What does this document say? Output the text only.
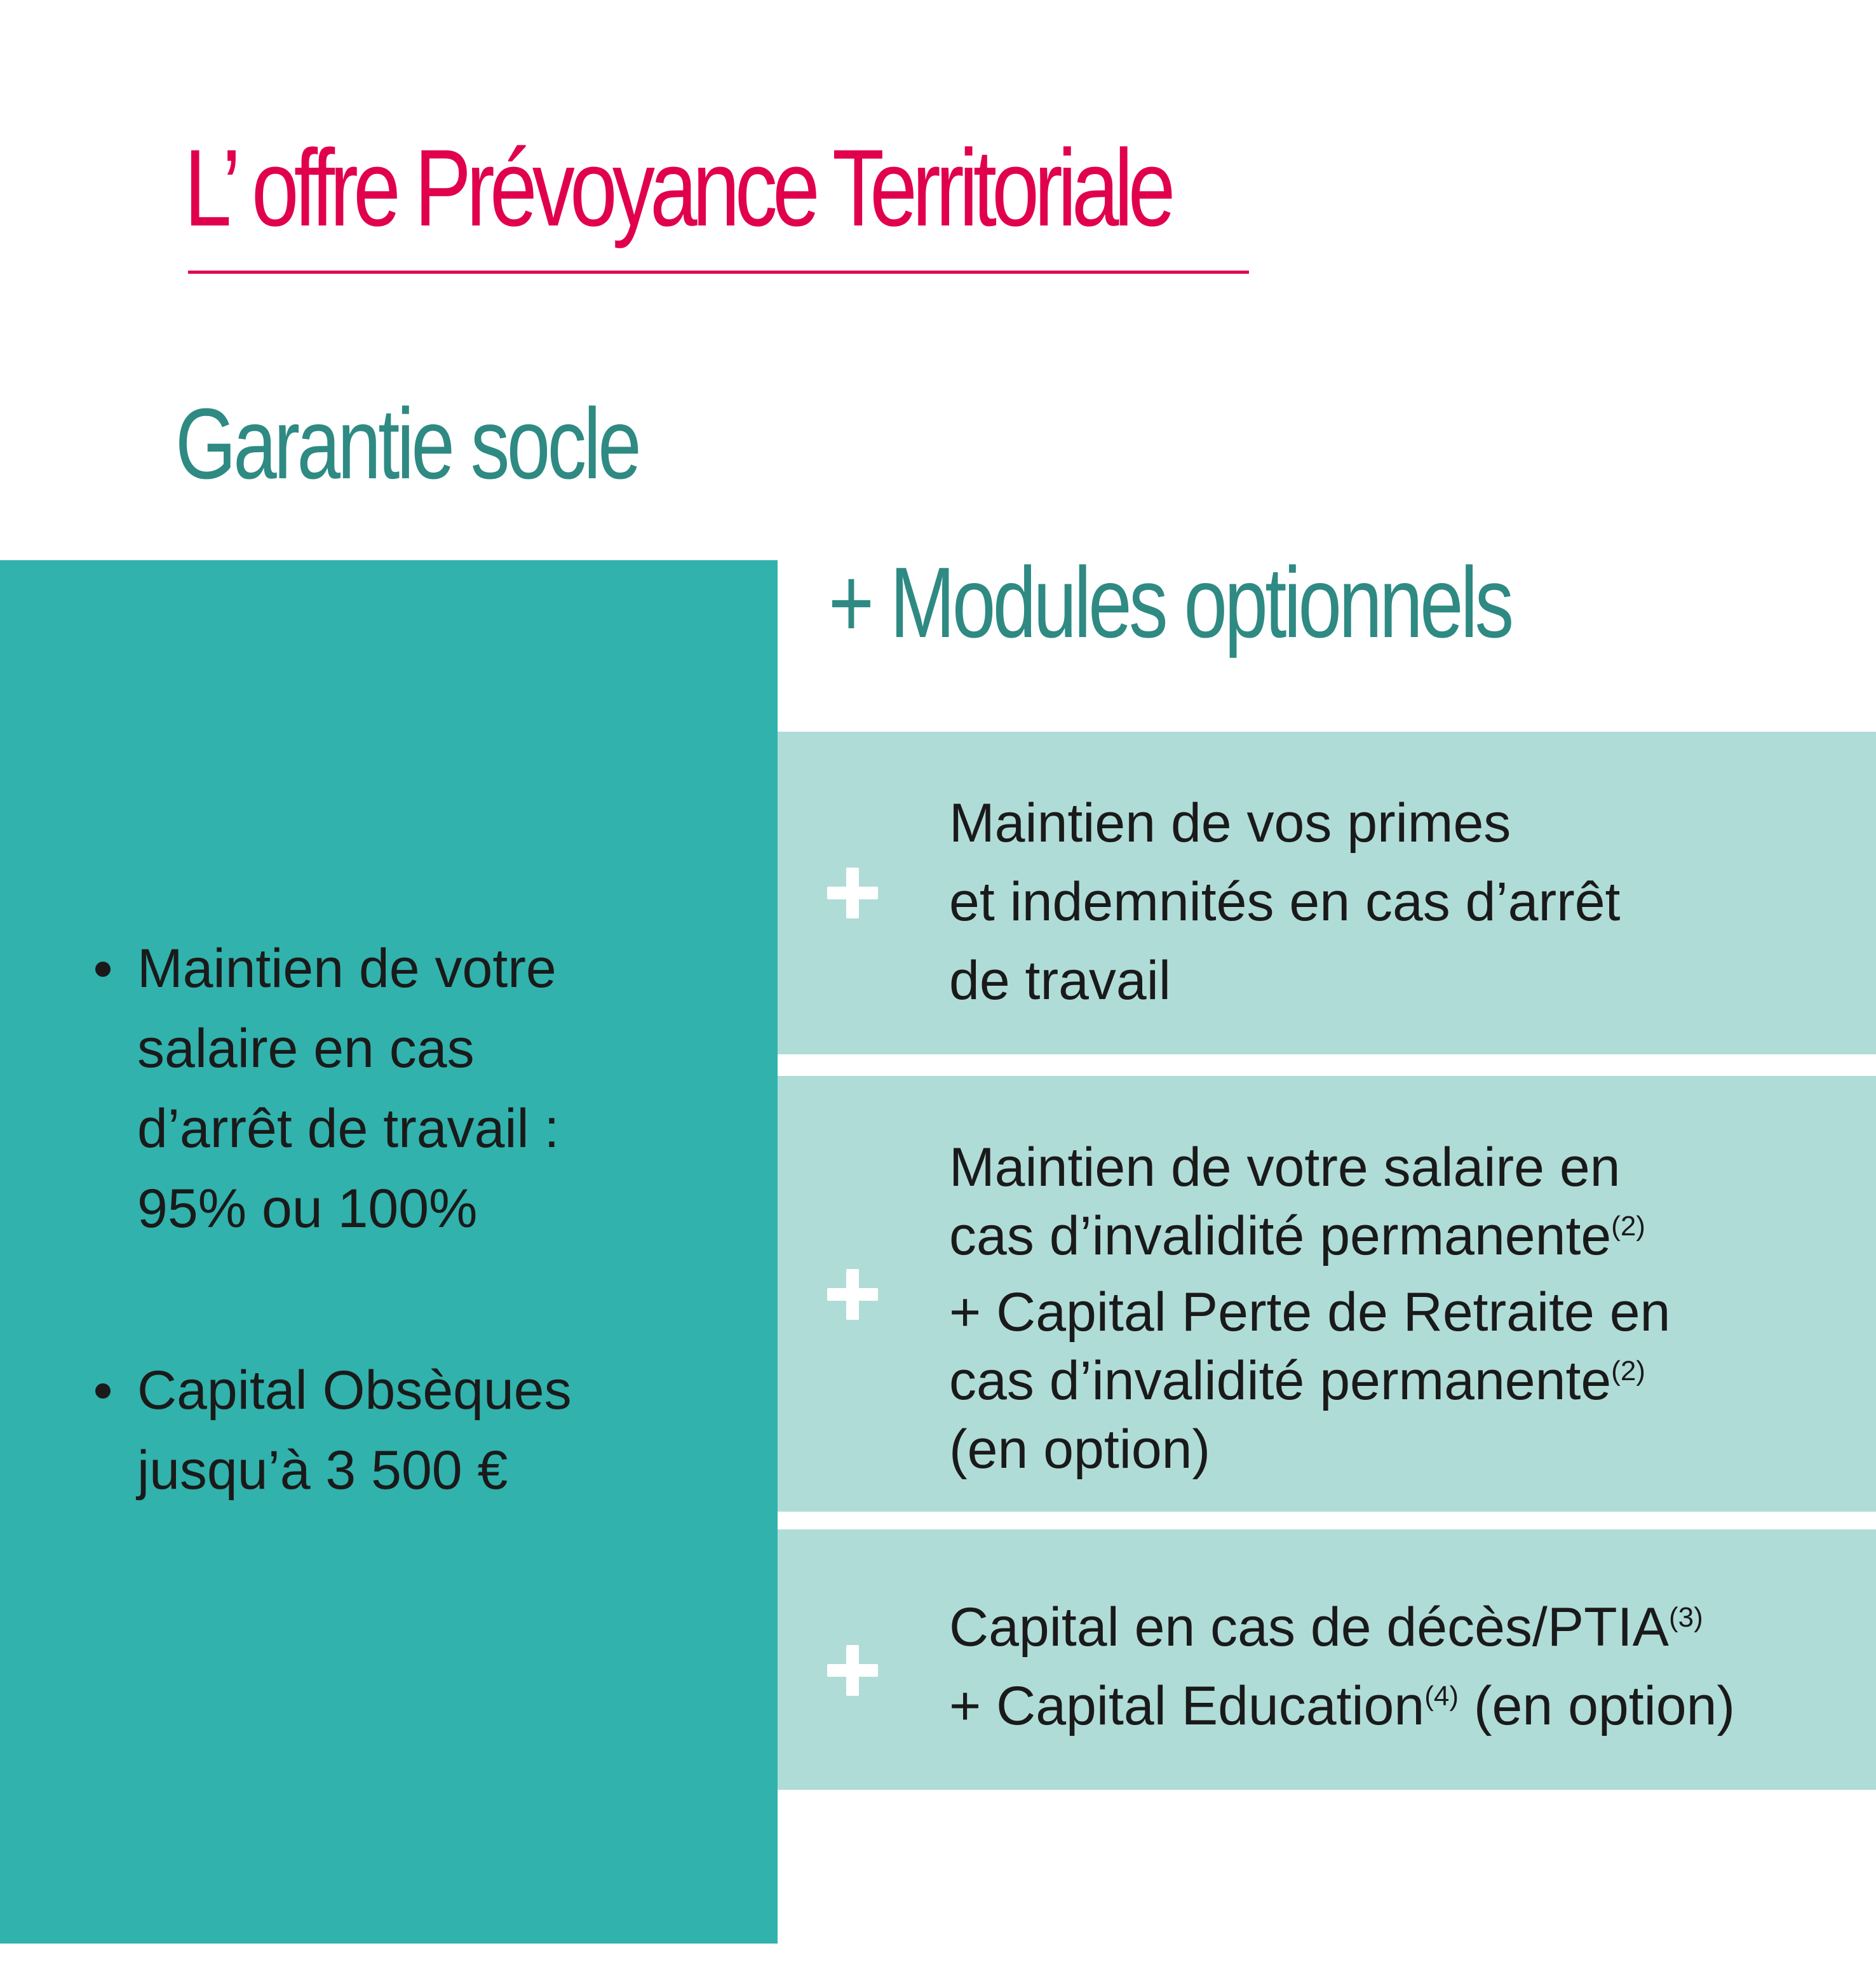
L’ offre Prévoyance Territoriale
Garantie socle
Maintien de votre
salaire en cas
d’arrêt de travail :
95% ou 100%
Capital Obsèques
jusqu’à 3 500 €
+ Modules optionnels
Maintien de vos primes
et indemnités en cas d’arrêt
de travail
Maintien de votre salaire en
cas d’invalidité permanente$^{(2)}$
+ Capital Perte de Retraite en
cas d’invalidité permanente$^{(2)}$
(en option)
Capital en cas de décès/PTIA$^{(3)}$
+ Capital Education$^{(4)}$ (en option)
